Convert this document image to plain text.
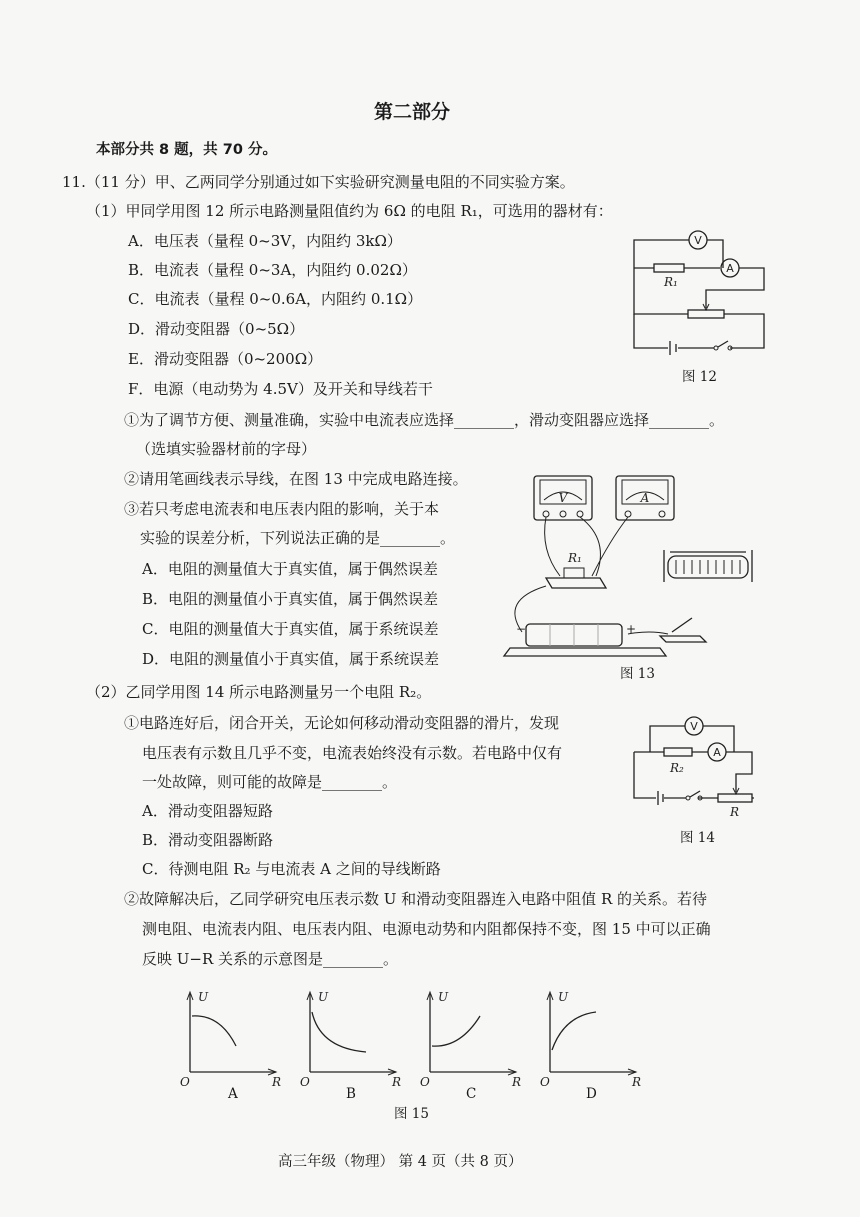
第二部分
本部分共 8 题，共 70 分。
11.（11 分）甲、乙两同学分别通过如下实验研究测量电阻的不同实验方案。
（1）甲同学用图 12 所示电路测量阻值约为 6Ω 的电阻 R₁，可选用的器材有：
A．电压表（量程 0~3V，内阻约 3kΩ）
B．电流表（量程 0~3A，内阻约 0.02Ω）
C．电流表（量程 0~0.6A，内阻约 0.1Ω）
D．滑动变阻器（0~5Ω）
E．滑动变阻器（0~200Ω）
F．电源（电动势为 4.5V）及开关和导线若干
①为了调节方便、测量准确，实验中电流表应选择________，滑动变阻器应选择________。
（选填实验器材前的字母）
②请用笔画线表示导线，在图 13 中完成电路连接。
③若只考虑电流表和电压表内阻的影响，关于本
实验的误差分析，下列说法正确的是________。
A．电阻的测量值大于真实值，属于偶然误差
B．电阻的测量值小于真实值，属于偶然误差
C．电阻的测量值大于真实值，属于系统误差
D．电阻的测量值小于真实值，属于系统误差
（2）乙同学用图 14 所示电路测量另一个电阻 R₂。
①电路连好后，闭合开关，无论如何移动滑动变阻器的滑片，发现
电压表有示数且几乎不变，电流表始终没有示数。若电路中仅有
一处故障，则可能的故障是________。
A．滑动变阻器短路
B．滑动变阻器断路
C．待测电阻 R₂ 与电流表 A 之间的导线断路
②故障解决后，乙同学研究电压表示数 U 和滑动变阻器连入电路中阻值 R 的关系。若待
测电阻、电流表内阻、电压表内阻、电源电动势和内阻都保持不变，图 15 中可以正确
反映 U−R 关系的示意图是________。
V
R₁
A
图 12
V	A
R₁
−	+
图 13
V
R₂
A
R
图 14
U
R
O
U
R
O
U
R
O
U
R
O
A	B	C	D
图 15
高三年级（物理） 第 4 页（共 8 页）
